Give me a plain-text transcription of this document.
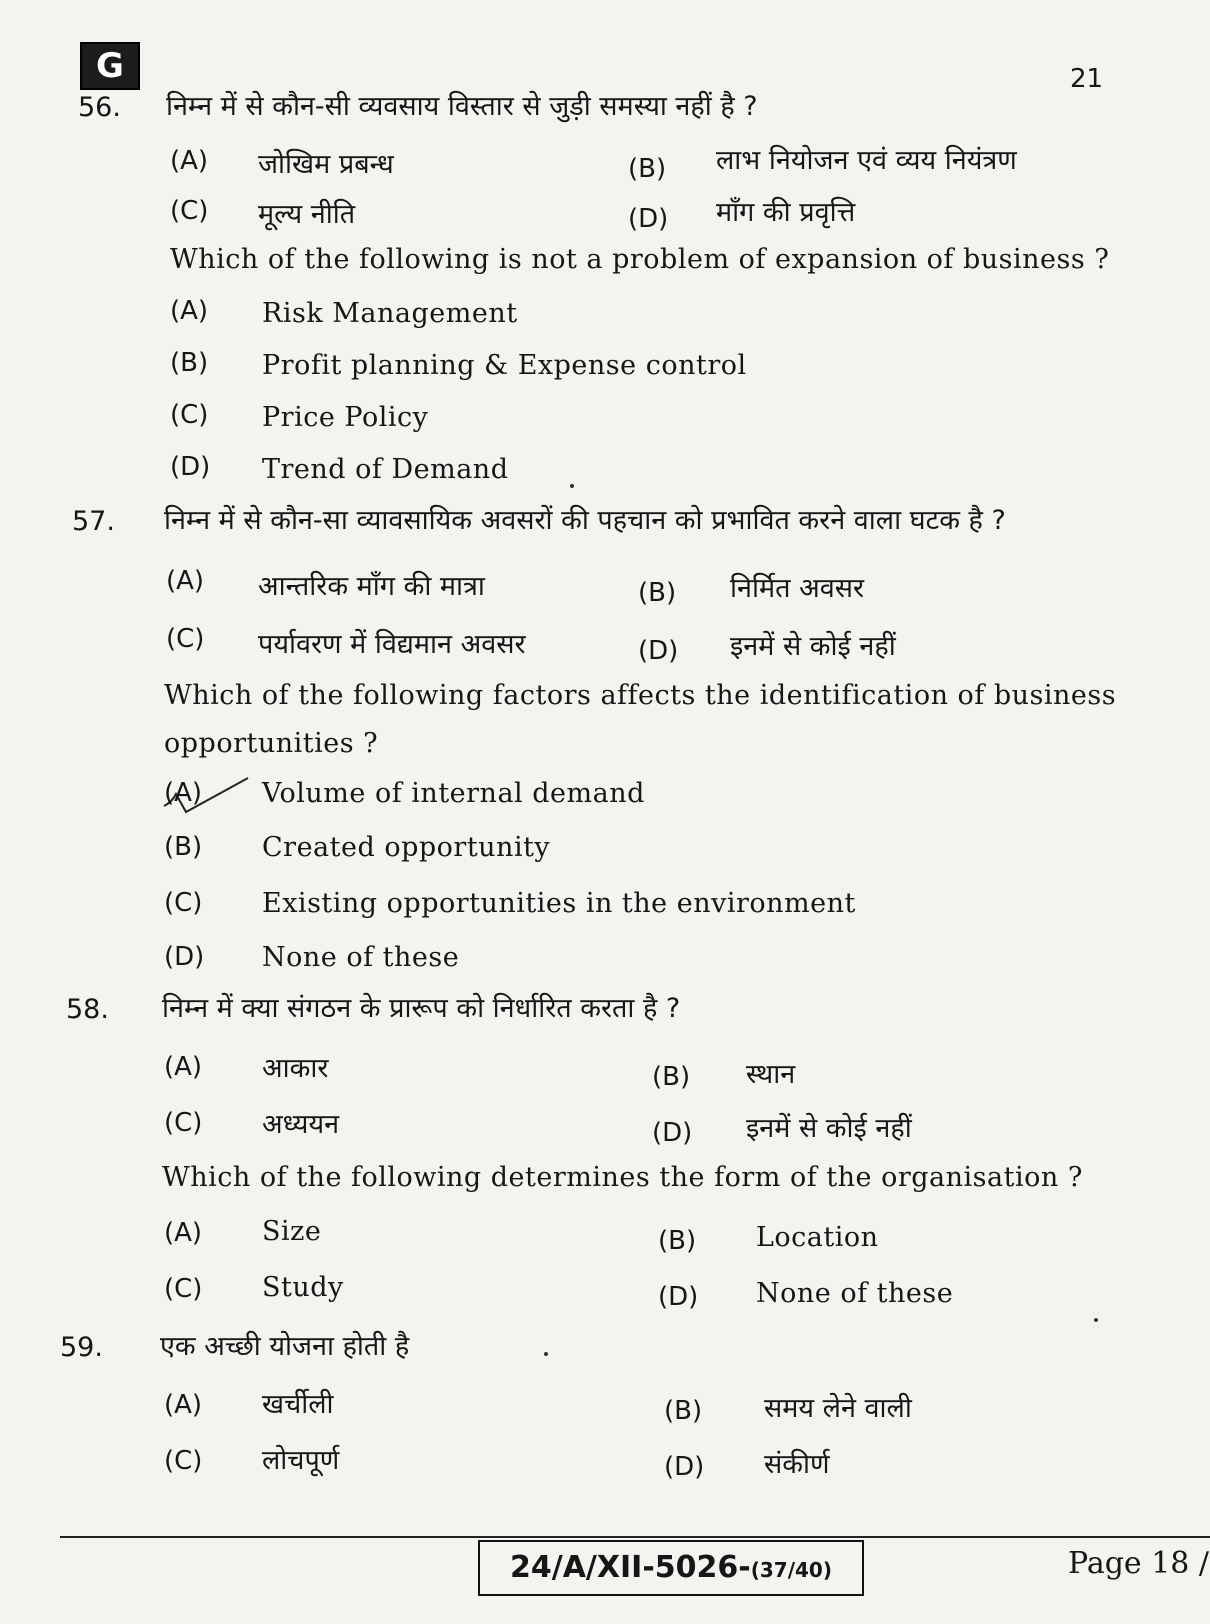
G	21
56. निम्न में से कौन-सी व्यवसाय विस्तार से जुड़ी समस्या नहीं है ?
(A) जोखिम प्रबन्ध	(B) लाभ नियोजन एवं व्यय नियंत्रण
(C) मूल्य नीति	(D) माँग की प्रवृत्ति
Which of the following is not a problem of expansion of business ?
(A) Risk Management
(B) Profit planning & Expense control
(C) Price Policy
(D) Trend of Demand
57. निम्न में से कौन-सा व्यावसायिक अवसरों की पहचान को प्रभावित करने वाला घटक है ?
(A) आन्तरिक माँग की मात्रा	(B) निर्मित अवसर
(C) पर्यावरण में विद्यमान अवसर	(D) इनमें से कोई नहीं
Which of the following factors affects the identification of business
opportunities ?
(A) Volume of internal demand
(B) Created opportunity
(C) Existing opportunities in the environment
(D) None of these
58. निम्न में क्या संगठन के प्रारूप को निर्धारित करता है ?
(A) आकार	(B) स्थान
(C) अध्ययन	(D) इनमें से कोई नहीं
Which of the following determines the form of the organisation ?
(A) Size	(B) Location
(C) Study	(D) None of these
59. एक अच्छी योजना होती है
(A) खर्चीली	(B) समय लेने वाली
(C) लोचपूर्ण	(D) संकीर्ण
24/A/XII-5026-(37/40)	Page 18 /
